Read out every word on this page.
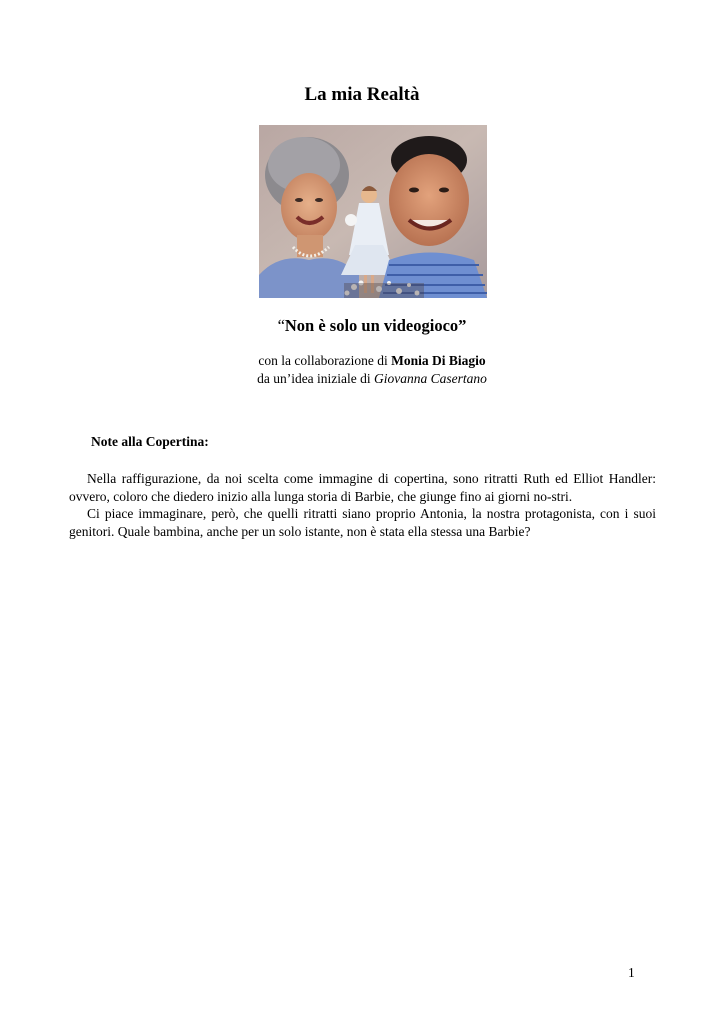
La mia Realtà
“Non è solo un videogioco”
con la collaborazione di Monia Di Biagio
da un’idea iniziale di Giovanna Casertano
Note alla Copertina:

Nella raffigurazione, da noi scelta come immagine di copertina, sono ritratti Ruth ed Elliot Handler: ovvero, coloro che diedero inizio alla lunga storia di Barbie, che giunge fino ai giorni no-stri.

Ci piace immaginare, però, che quelli ritratti siano proprio Antonia, la nostra protagonista, con i suoi genitori. Quale bambina, anche per un solo istante, non è stata ella stessa una Barbie?

1
